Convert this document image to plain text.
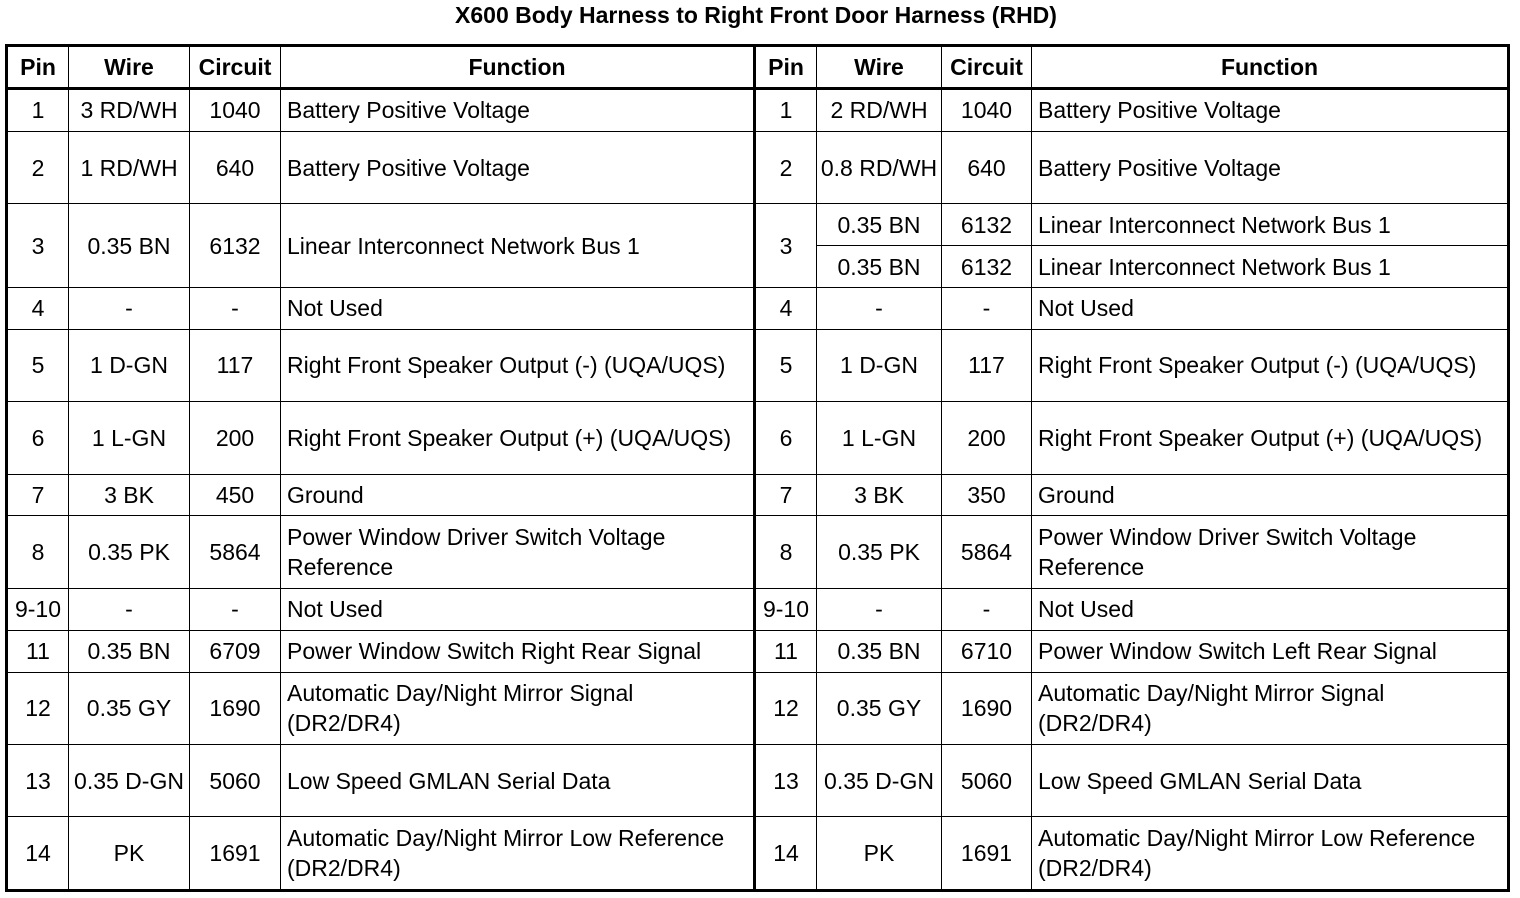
X600 Body Harness to Right Front Door Harness (RHD)
Pin	Wire	Circuit	Function	Pin	Wire	Circuit	Function
1	3 RD/WH	1040	Battery Positive Voltage	1	2 RD/WH	1040	Battery Positive Voltage
2	1 RD/WH	640	Battery Positive Voltage	2	0.8 RD/WH	640	Battery Positive Voltage
3	0.35 BN	6132	Linear Interconnect Network Bus 1	3	0.35 BN	6132	Linear Interconnect Network Bus 1
					0.35 BN	6132	Linear Interconnect Network Bus 1
4	-	-	Not Used	4	-	-	Not Used
5	1 D-GN	117	Right Front Speaker Output (-) (UQA/UQS)	5	1 D-GN	117	Right Front Speaker Output (-) (UQA/UQS)
6	1 L-GN	200	Right Front Speaker Output (+) (UQA/UQS)	6	1 L-GN	200	Right Front Speaker Output (+) (UQA/UQS)
7	3 BK	450	Ground	7	3 BK	350	Ground
8	0.35 PK	5864	Power Window Driver Switch Voltage Reference	8	0.35 PK	5864	Power Window Driver Switch Voltage Reference
9-10	-	-	Not Used	9-10	-	-	Not Used
11	0.35 BN	6709	Power Window Switch Right Rear Signal	11	0.35 BN	6710	Power Window Switch Left Rear Signal
12	0.35 GY	1690	Automatic Day/Night Mirror Signal (DR2/DR4)	12	0.35 GY	1690	Automatic Day/Night Mirror Signal (DR2/DR4)
13	0.35 D-GN	5060	Low Speed GMLAN Serial Data	13	0.35 D-GN	5060	Low Speed GMLAN Serial Data
14	PK	1691	Automatic Day/Night Mirror Low Reference (DR2/DR4)	14	PK	1691	Automatic Day/Night Mirror Low Reference (DR2/DR4)
